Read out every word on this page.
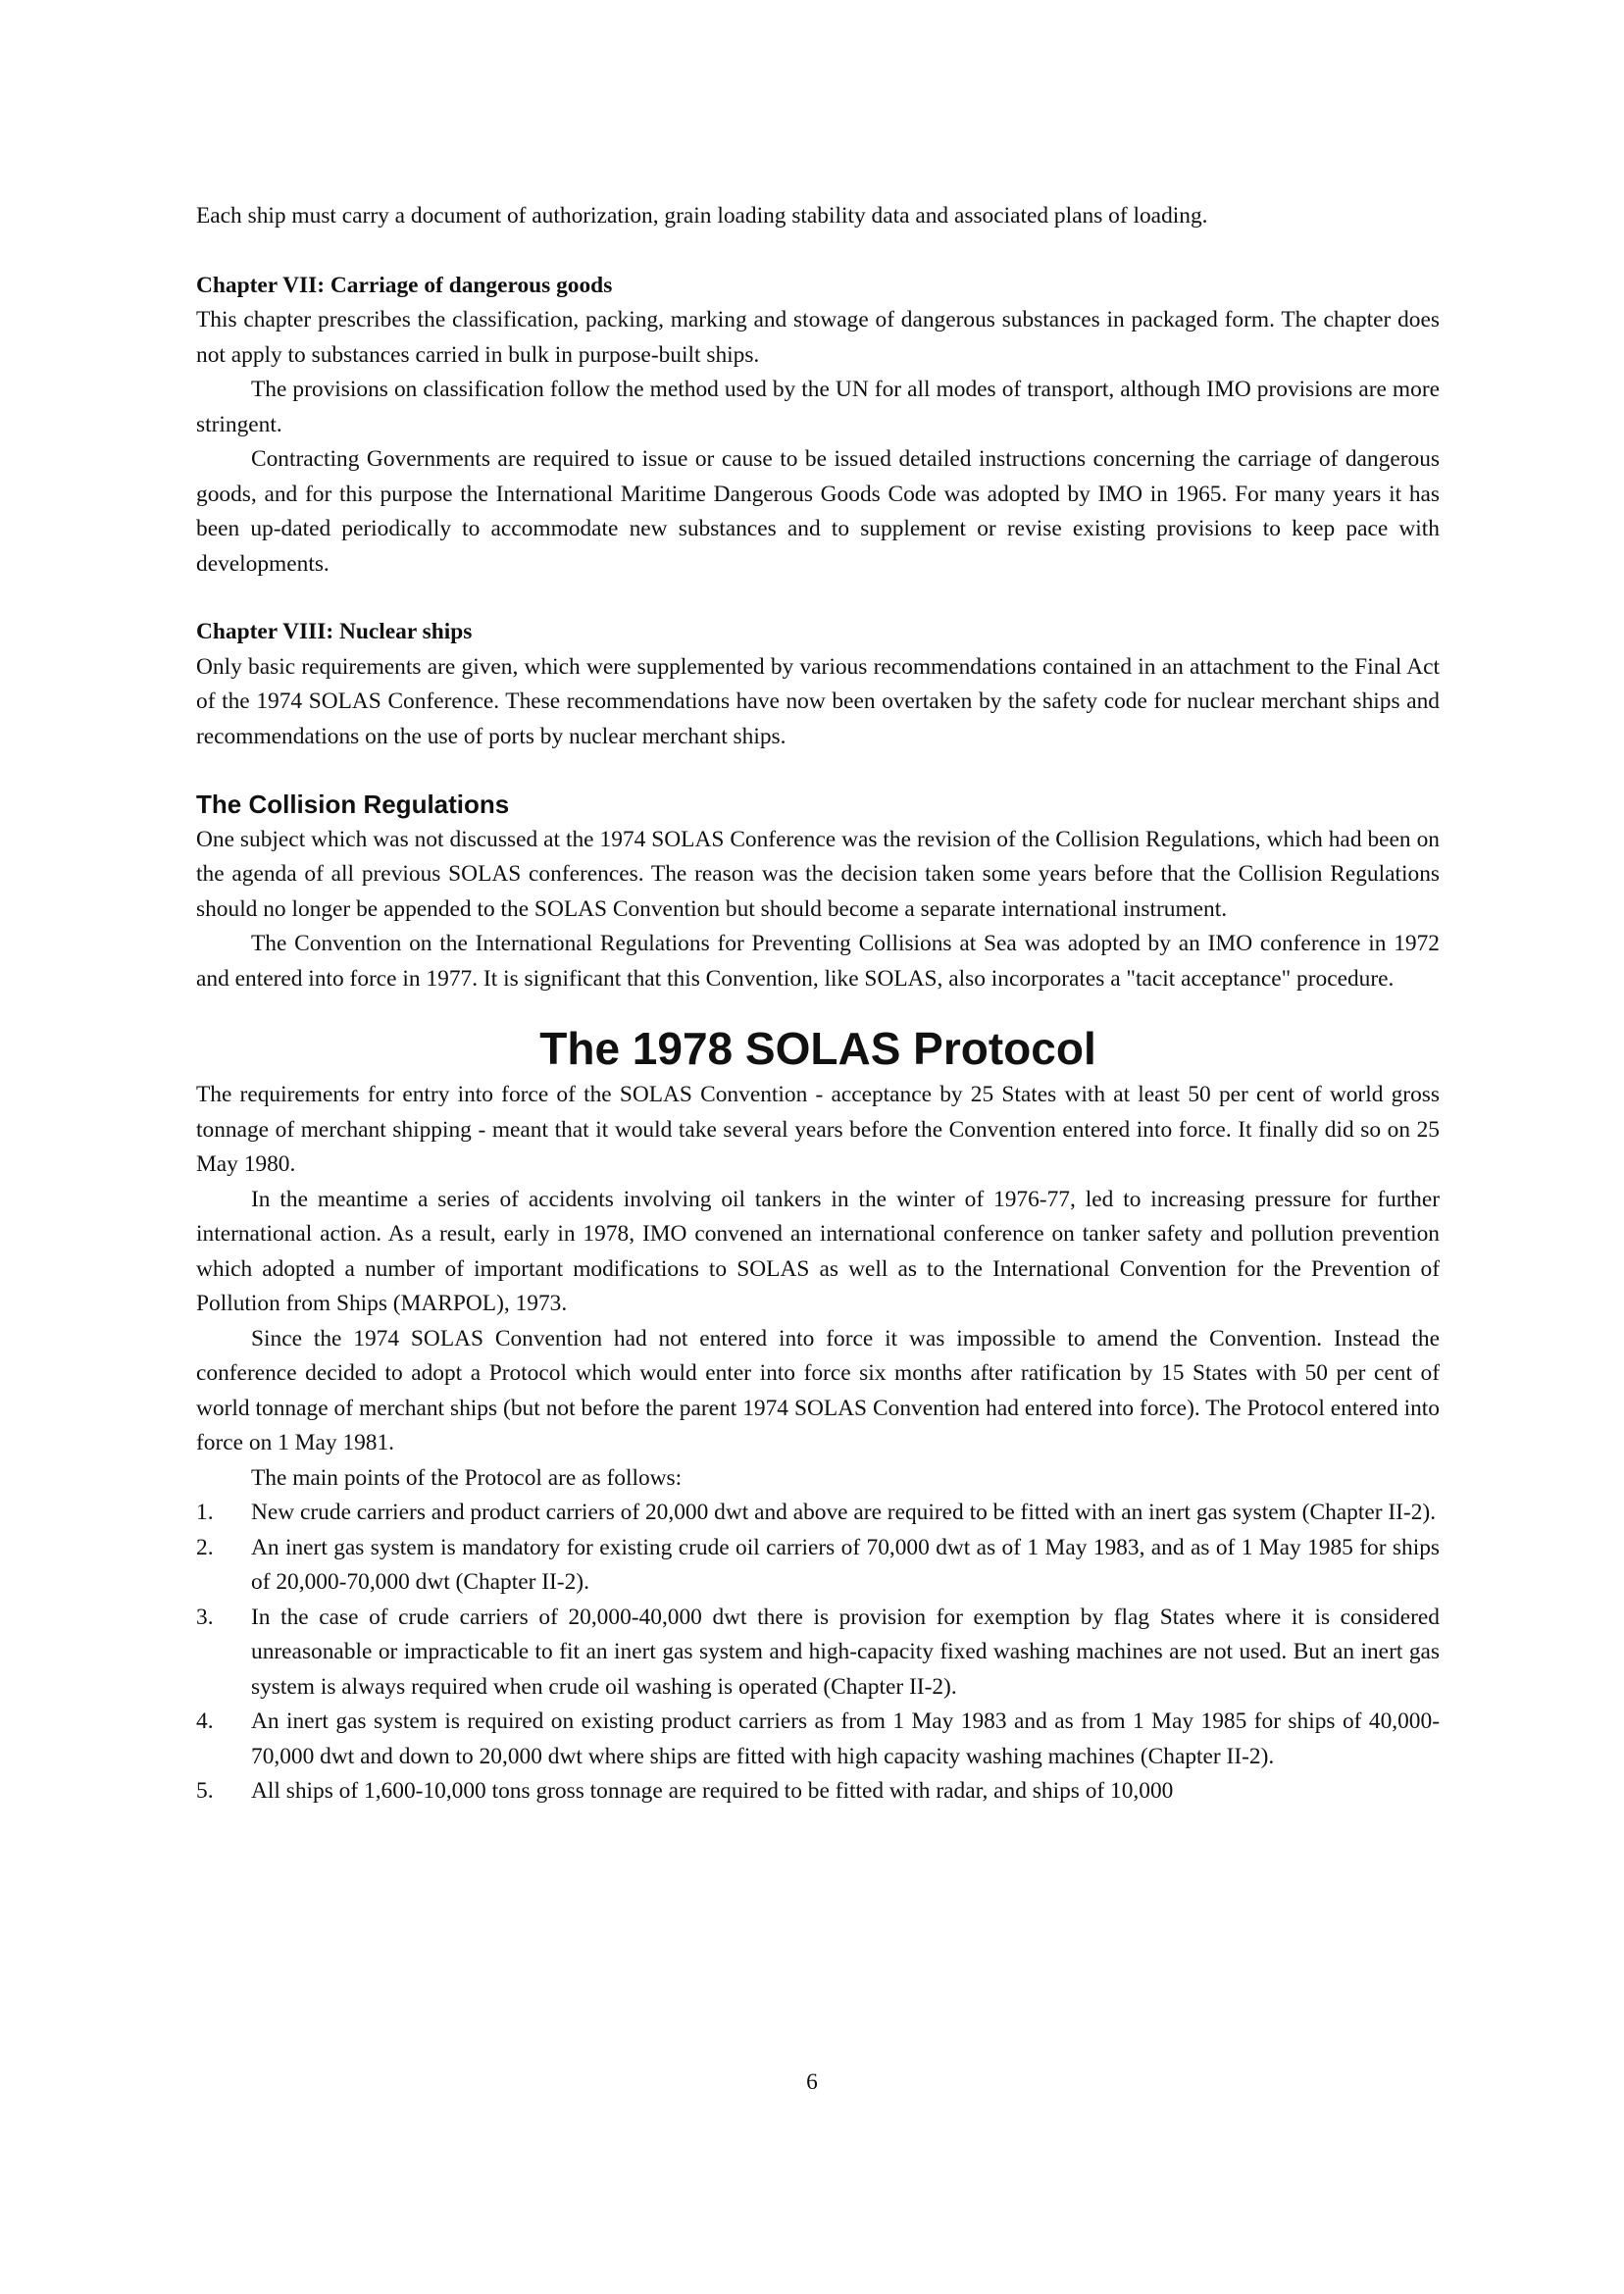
Each ship must carry a document of authorization, grain loading stability data and associated plans of loading.

Chapter VII: Carriage of dangerous goods

This chapter prescribes the classification, packing, marking and stowage of dangerous substances in packaged form. The chapter does not apply to substances carried in bulk in purpose-built ships.

The provisions on classification follow the method used by the UN for all modes of transport, although IMO provisions are more stringent.

Contracting Governments are required to issue or cause to be issued detailed instructions concerning the carriage of dangerous goods, and for this purpose the International Maritime Dangerous Goods Code was adopted by IMO in 1965. For many years it has been up-dated periodically to accommodate new substances and to supplement or revise existing provisions to keep pace with developments.

Chapter VIII: Nuclear ships

Only basic requirements are given, which were supplemented by various recommendations contained in an attachment to the Final Act of the 1974 SOLAS Conference. These recommendations have now been overtaken by the safety code for nuclear merchant ships and recommendations on the use of ports by nuclear merchant ships.

The Collision Regulations

One subject which was not discussed at the 1974 SOLAS Conference was the revision of the Collision Regulations, which had been on the agenda of all previous SOLAS conferences. The reason was the decision taken some years before that the Collision Regulations should no longer be appended to the SOLAS Convention but should become a separate international instrument.

The Convention on the International Regulations for Preventing Collisions at Sea was adopted by an IMO conference in 1972 and entered into force in 1977. It is significant that this Convention, like SOLAS, also incorporates a "tacit acceptance" procedure.

The 1978 SOLAS Protocol

The requirements for entry into force of the SOLAS Convention - acceptance by 25 States with at least 50 per cent of world gross tonnage of merchant shipping - meant that it would take several years before the Convention entered into force. It finally did so on 25 May 1980.

In the meantime a series of accidents involving oil tankers in the winter of 1976-77, led to increasing pressure for further international action. As a result, early in 1978, IMO convened an international conference on tanker safety and pollution prevention which adopted a number of important modifications to SOLAS as well as to the International Convention for the Prevention of Pollution from Ships (MARPOL), 1973.

Since the 1974 SOLAS Convention had not entered into force it was impossible to amend the Convention. Instead the conference decided to adopt a Protocol which would enter into force six months after ratification by 15 States with 50 per cent of world tonnage of merchant ships (but not before the parent 1974 SOLAS Convention had entered into force). The Protocol entered into force on 1 May 1981.

The main points of the Protocol are as follows:

1. New crude carriers and product carriers of 20,000 dwt and above are required to be fitted with an inert gas system (Chapter II-2).
2. An inert gas system is mandatory for existing crude oil carriers of 70,000 dwt as of 1 May 1983, and as of 1 May 1985 for ships of 20,000-70,000 dwt (Chapter II-2).
3. In the case of crude carriers of 20,000-40,000 dwt there is provision for exemption by flag States where it is considered unreasonable or impracticable to fit an inert gas system and high-capacity fixed washing machines are not used. But an inert gas system is always required when crude oil washing is operated (Chapter II-2).
4. An inert gas system is required on existing product carriers as from 1 May 1983 and as from 1 May 1985 for ships of 40,000-70,000 dwt and down to 20,000 dwt where ships are fitted with high capacity washing machines (Chapter II-2).
5. All ships of 1,600-10,000 tons gross tonnage are required to be fitted with radar, and ships of 10,000
6
